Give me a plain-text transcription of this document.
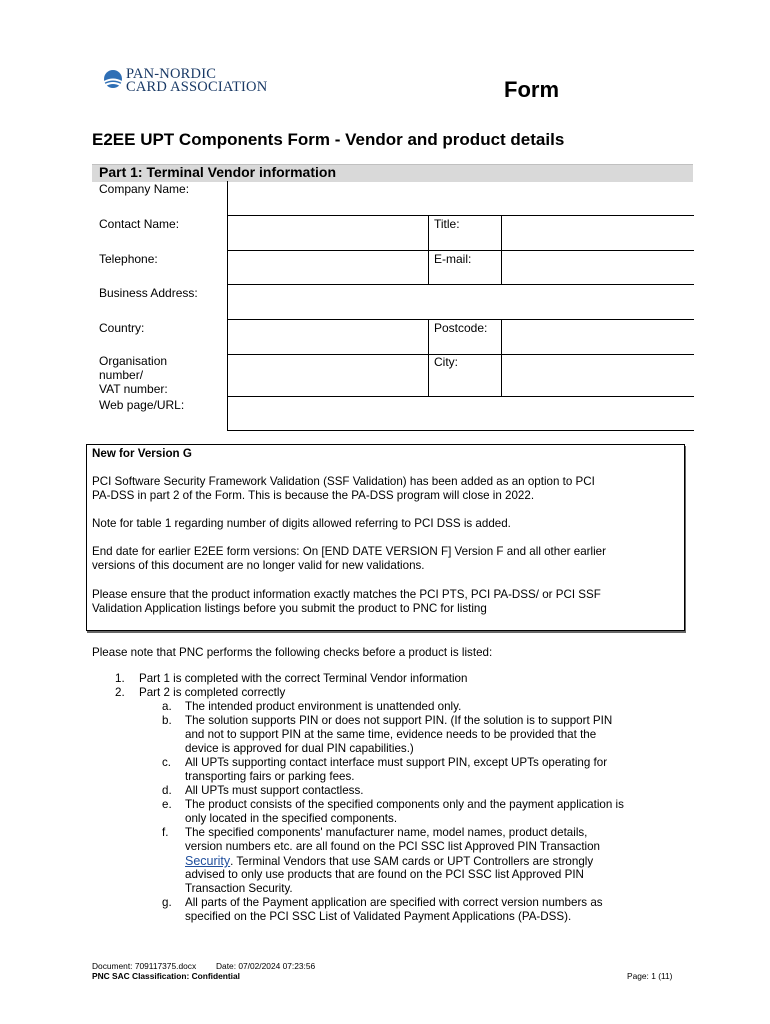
PAN-NORDIC
CARD ASSOCIATION	Form
E2EE UPT Components Form - Vendor and product details
Part 1: Terminal Vendor information
Company Name:
Contact Name:	Title:
Telephone:	E-mail:
Business Address:
Country:	Postcode:
Organisation
number/
VAT number:
City:
Web page/URL:
New for Version G
PCI Software Security Framework Validation (SSF Validation) has been added as an option to PCI
PA-DSS in part 2 of the Form. This is because the PA-DSS program will close in 2022.
Note for table 1 regarding number of digits allowed referring to PCI DSS is added.
End date for earlier E2EE form versions: On [END DATE VERSION F] Version F and all other earlier
versions of this document are no longer valid for new validations.
Please ensure that the product information exactly matches the PCI PTS, PCI PA-DSS/ or PCI SSF
Validation Application listings before you submit the product to PNC for listing
Please note that PNC performs the following checks before a product is listed:
1. Part 1 is completed with the correct Terminal Vendor information
2. Part 2 is completed correctly
a. The intended product environment is unattended only.
b. The solution supports PIN or does not support PIN. (If the solution is to support PIN
and not to support PIN at the same time, evidence needs to be provided that the
device is approved for dual PIN capabilities.)
c. All UPTs supporting contact interface must support PIN, except UPTs operating for
transporting fairs or parking fees.
d. All UPTs must support contactless.
e. The product consists of the specified components only and the payment application is
only located in the specified components.
f. The specified components' manufacturer name, model names, product details,
version numbers etc. are all found on the PCI SSC list Approved PIN Transaction
Security. Terminal Vendors that use SAM cards or UPT Controllers are strongly
advised to only use products that are found on the PCI SSC list Approved PIN
Transaction Security.
g. All parts of the Payment application are specified with correct version numbers as
specified on the PCI SSC List of Validated Payment Applications (PA-DSS).
Document: 709117375.docx Date: 07/02/2024 07:23:56
PNC SAC Classification: Confidential	Page: 1 (11)
